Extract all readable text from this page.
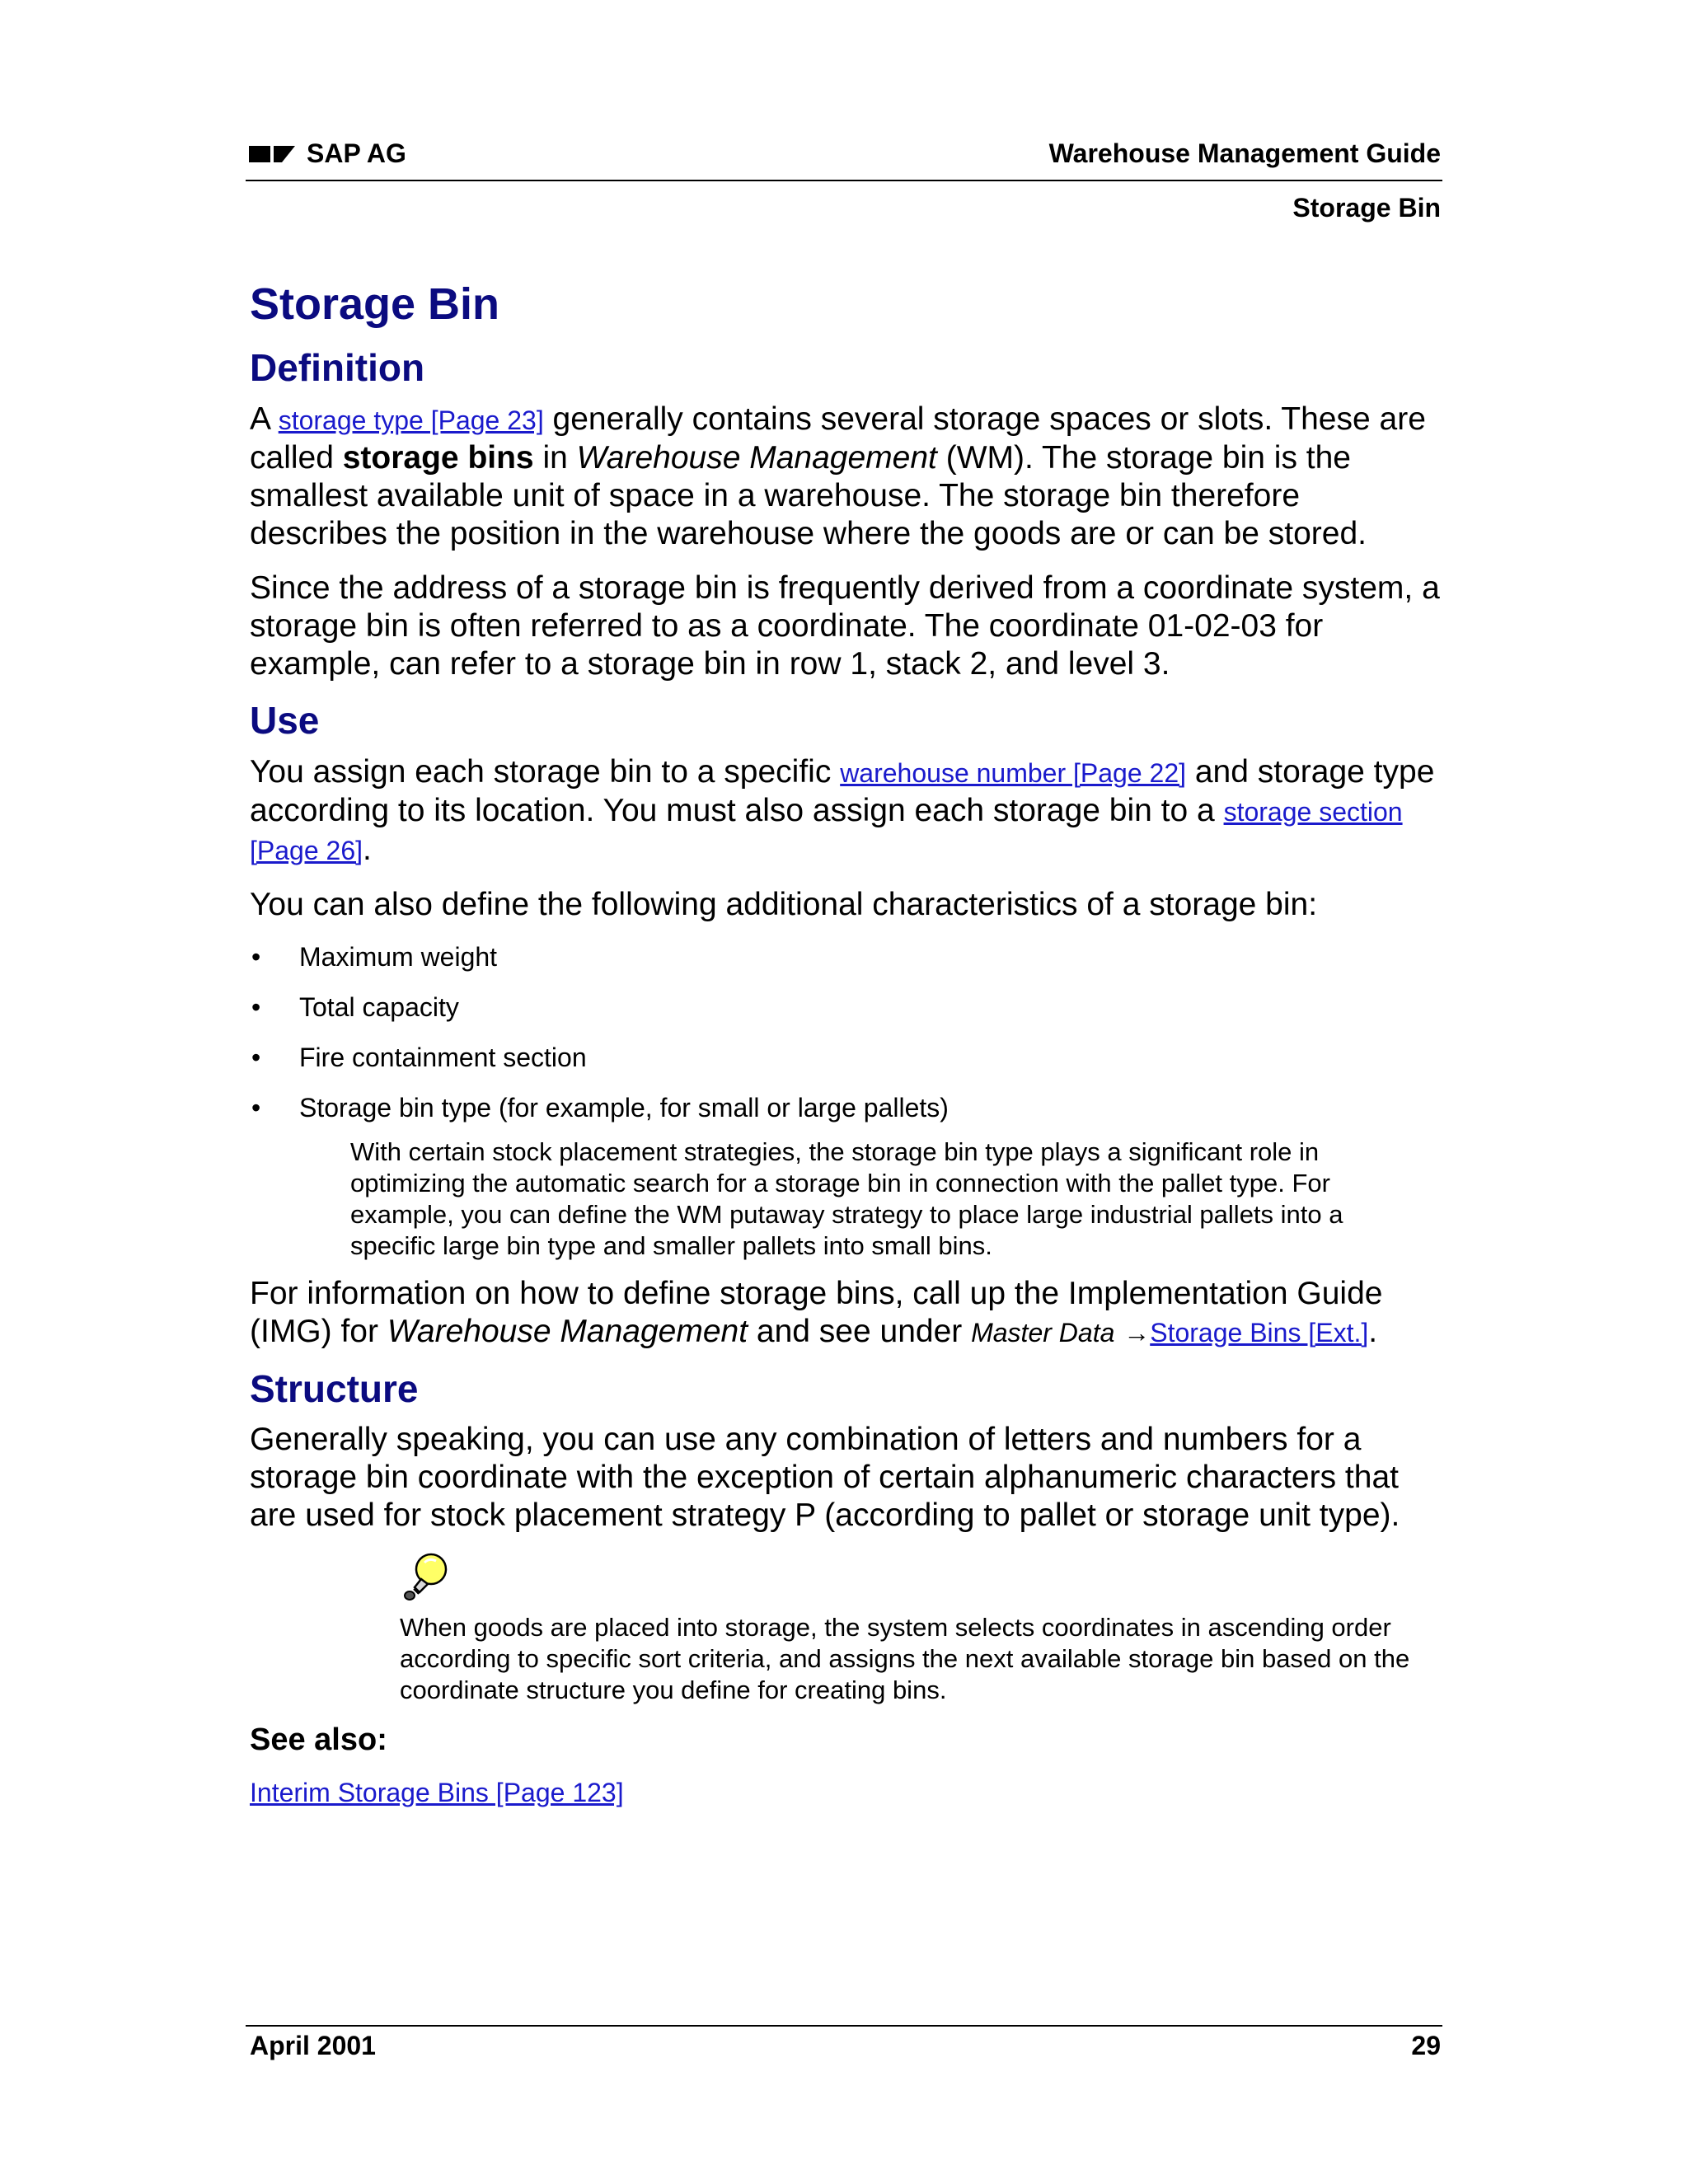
SAP AG	Warehouse Management Guide
Storage Bin
Storage Bin
Definition

A storage type [Page 23] generally contains several storage spaces or slots. These are called storage bins in Warehouse Management (WM). The storage bin is the smallest available unit of space in a warehouse. The storage bin therefore describes the position in the warehouse where the goods are or can be stored.

Since the address of a storage bin is frequently derived from a coordinate system, a storage bin is often referred to as a coordinate. The coordinate 01-02-03 for example, can refer to a storage bin in row 1, stack 2, and level 3.

Use

You assign each storage bin to a specific warehouse number [Page 22] and storage type according to its location. You must also assign each storage bin to a storage section [Page 26].

You can also define the following additional characteristics of a storage bin:

• Maximum weight
• Total capacity
• Fire containment section
• Storage bin type (for example, for small or large pallets)
With certain stock placement strategies, the storage bin type plays a significant role in optimizing the automatic search for a storage bin in connection with the pallet type. For example, you can define the WM putaway strategy to place large industrial pallets into a specific large bin type and smaller pallets into small bins.

For information on how to define storage bins, call up the Implementation Guide (IMG) for Warehouse Management and see under Master Data →Storage Bins [Ext.].

Structure

Generally speaking, you can use any combination of letters and numbers for a storage bin coordinate with the exception of certain alphanumeric characters that are used for stock placement strategy P (according to pallet or storage unit type).

When goods are placed into storage, the system selects coordinates in ascending order according to specific sort criteria, and assigns the next available storage bin based on the coordinate structure you define for creating bins.
See also:
Interim Storage Bins [Page 123]
April 2001	29
